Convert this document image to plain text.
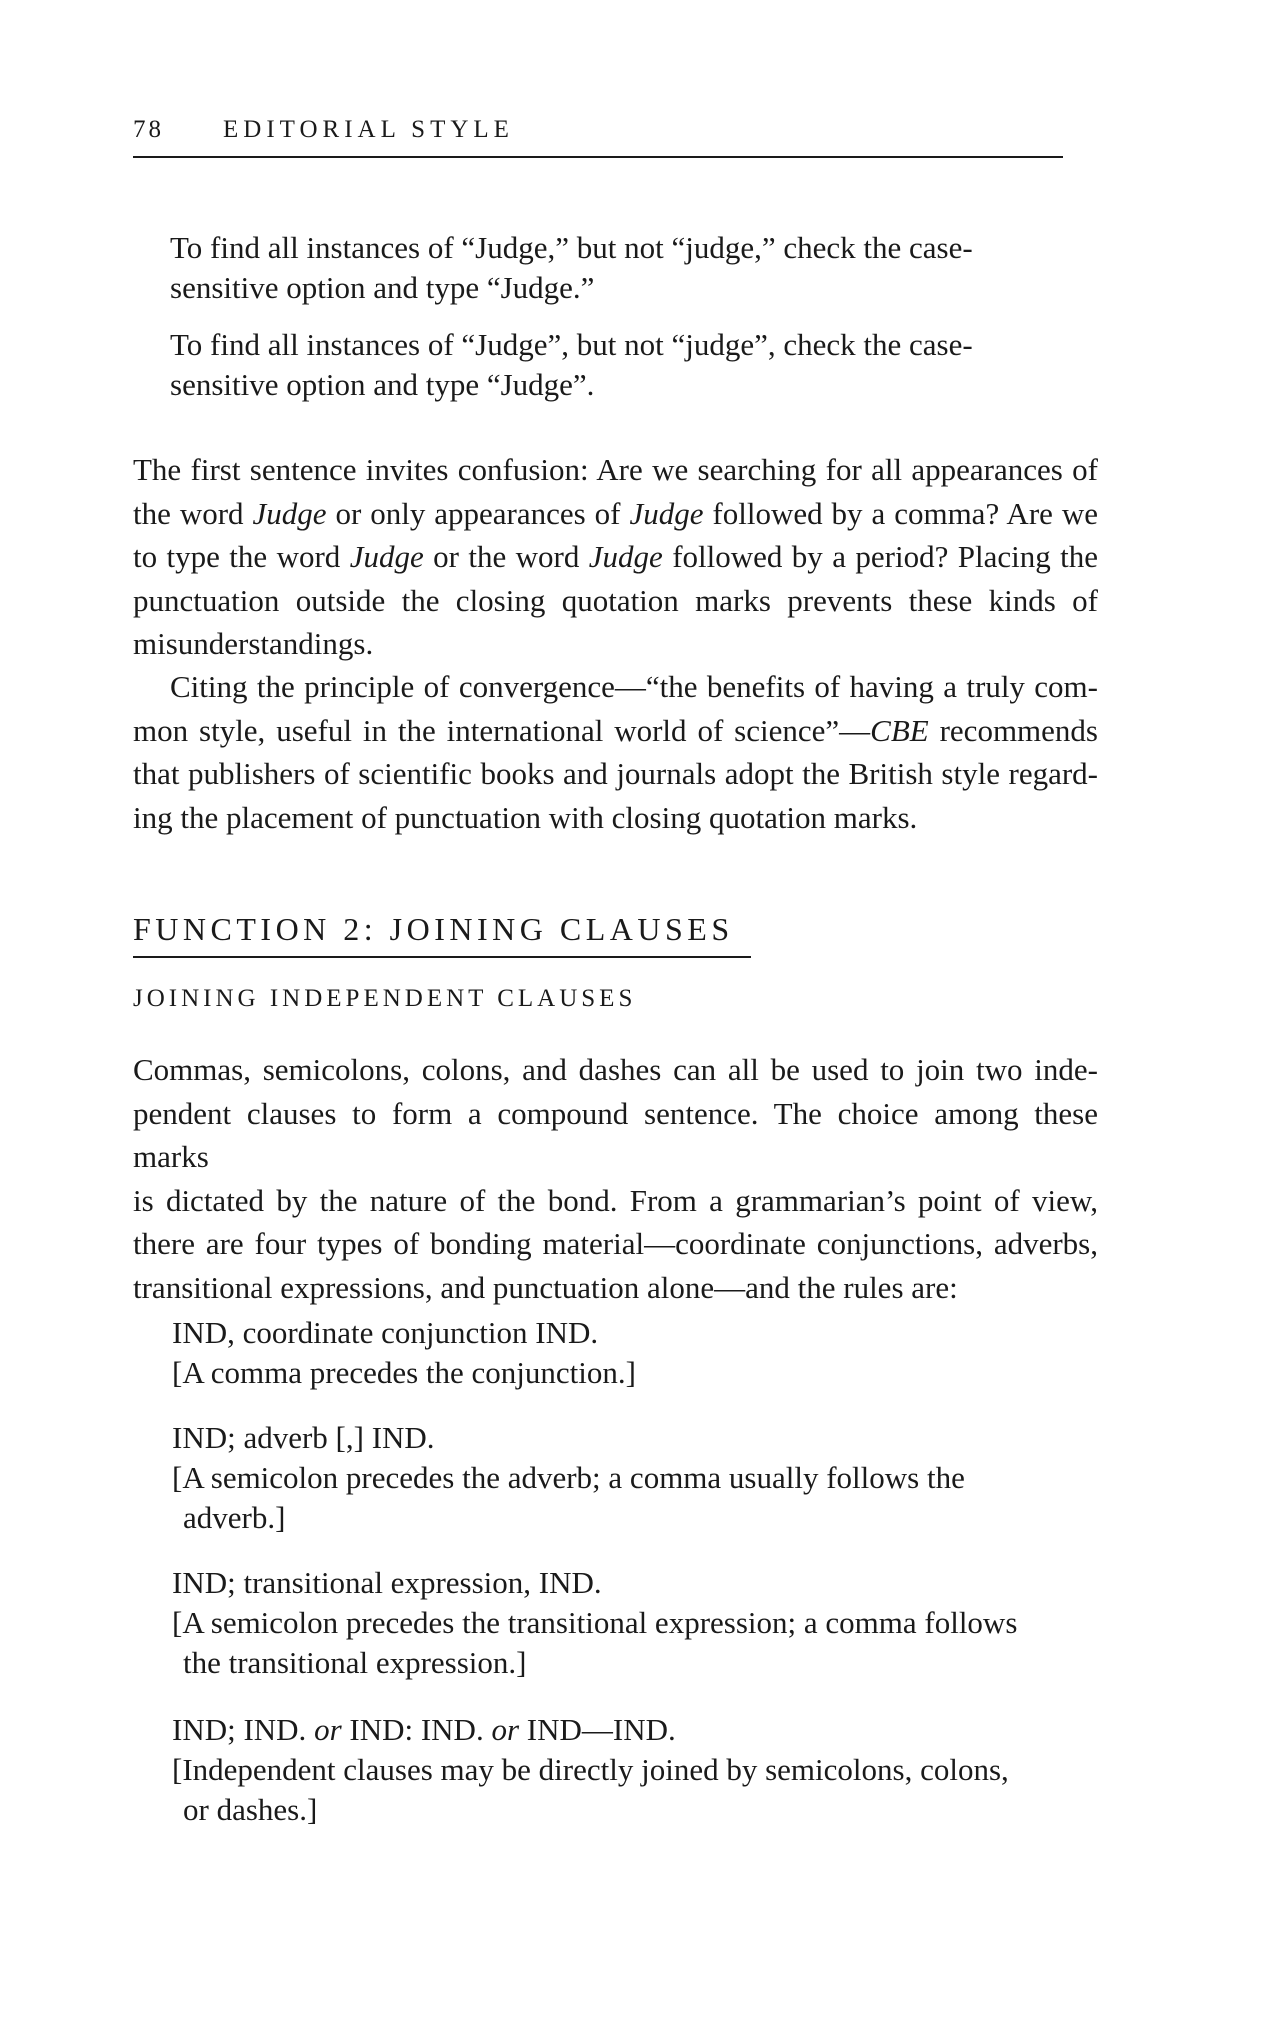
78 EDITORIAL STYLE
To find all instances of “Judge,” but not “judge,” check the case-
sensitive option and type “Judge.”
To find all instances of “Judge”, but not “judge”, check the case-
sensitive option and type “Judge”.
The first sentence invites confusion: Are we searching for all appearances of
the word Judge or only appearances of Judge followed by a comma? Are we
to type the word Judge or the word Judge followed by a period? Placing the
punctuation outside the closing quotation marks prevents these kinds of
misunderstandings.
Citing the principle of convergence—“the benefits of having a truly com-
mon style, useful in the international world of science”—CBE recommends
that publishers of scientific books and journals adopt the British style regard-
ing the placement of punctuation with closing quotation marks.
FUNCTION 2: JOINING CLAUSES
JOINING INDEPENDENT CLAUSES
Commas, semicolons, colons, and dashes can all be used to join two inde-
pendent clauses to form a compound sentence. The choice among these marks
is dictated by the nature of the bond. From a grammarian’s point of view,
there are four types of bonding material—coordinate conjunctions, adverbs,
transitional expressions, and punctuation alone—and the rules are:
IND, coordinate conjunction IND.
[A comma precedes the conjunction.]
IND; adverb [,] IND.
[A semicolon precedes the adverb; a comma usually follows the
adverb.]
IND; transitional expression, IND.
[A semicolon precedes the transitional expression; a comma follows
the transitional expression.]
IND; IND. or IND: IND. or IND—IND.
[Independent clauses may be directly joined by semicolons, colons,
or dashes.]
